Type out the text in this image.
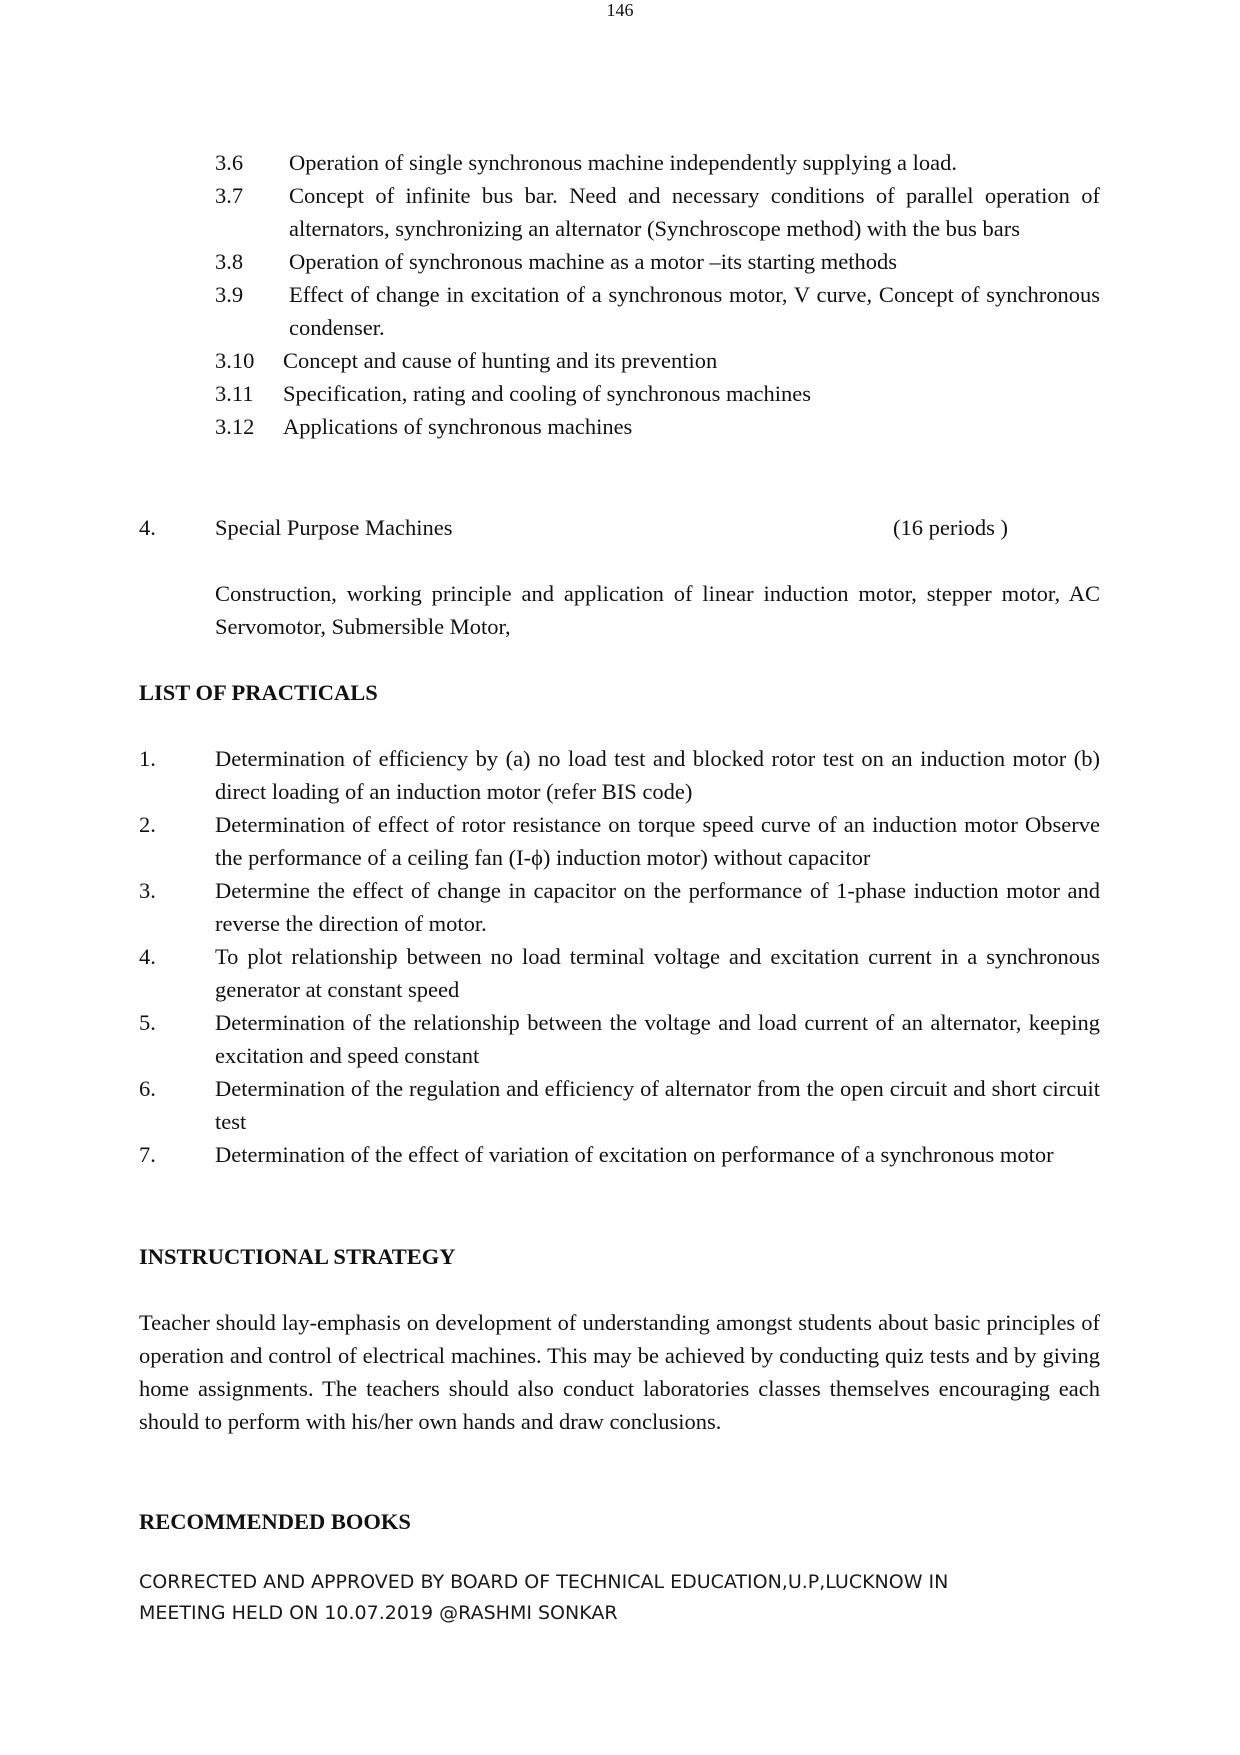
146
3.6	Operation of single synchronous machine independently supplying a load.
3.7	Concept of infinite bus bar. Need and necessary conditions of parallel operation of alternators, synchronizing an alternator (Synchroscope method) with the bus bars
3.8	Operation of synchronous machine as a motor –its starting methods
3.9	Effect of change in excitation of a synchronous motor, V curve, Concept of synchronous condenser.
3.10	Concept and cause of hunting and its prevention
3.11	Specification, rating and cooling of synchronous machines
3.12	Applications of synchronous machines
4.	Special Purpose Machines	(16 periods )
Construction, working principle and application of linear induction motor, stepper motor, AC Servomotor, Submersible Motor,
LIST OF PRACTICALS
1.	Determination of efficiency by (a) no load test and blocked rotor test on an induction motor (b) direct loading of an induction motor (refer BIS code)
2.	Determination of effect of rotor resistance on torque speed curve of an induction motor Observe the performance of a ceiling fan (I-ϕ) induction motor) without capacitor
3.	Determine the effect of change in capacitor on the performance of 1-phase induction motor and reverse the direction of motor.
4.	To plot relationship between no load terminal voltage and excitation current in a synchronous generator at constant speed
5.	Determination of the relationship between the voltage and load current of an alternator, keeping excitation and speed constant
6.	Determination of the regulation and efficiency of alternator from the open circuit and short circuit test
7.	Determination of the effect of variation of excitation on performance of a synchronous motor
INSTRUCTIONAL STRATEGY
Teacher should lay-emphasis on development of understanding amongst students about basic principles of operation and control of electrical machines. This may be achieved by conducting quiz tests and by giving home assignments. The teachers should also conduct laboratories classes themselves encouraging each should to perform with his/her own hands and draw conclusions.
RECOMMENDED BOOKS
CORRECTED AND APPROVED BY BOARD OF TECHNICAL EDUCATION,U.P,LUCKNOW IN
MEETING HELD ON 10.07.2019 @RASHMI SONKAR
